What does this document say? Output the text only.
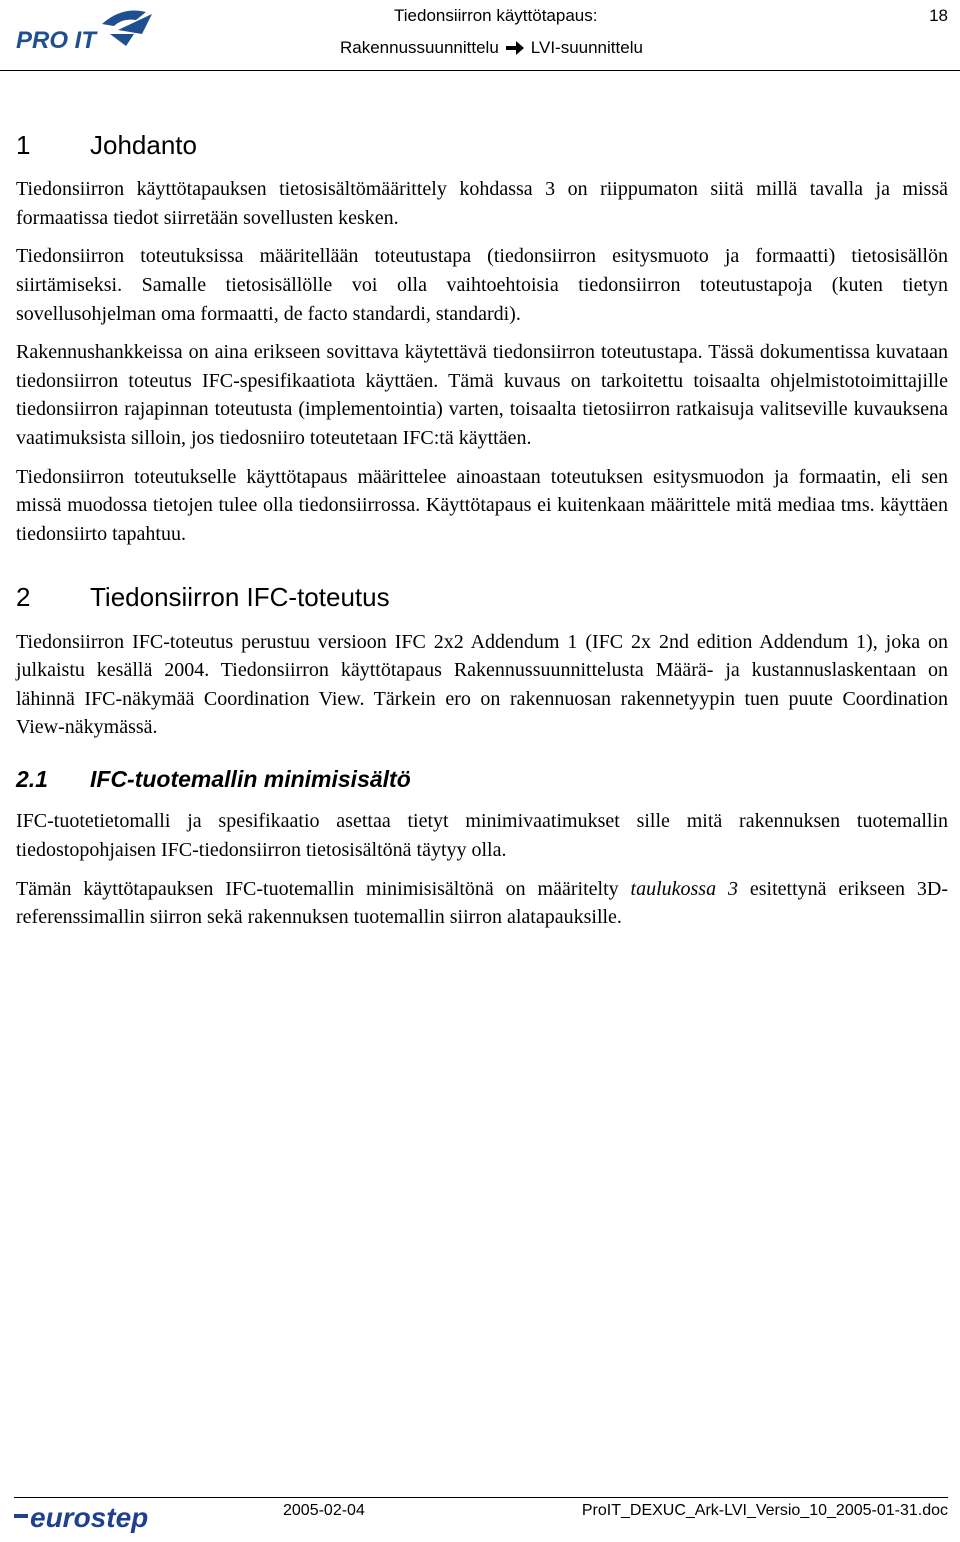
PRO IT
Tiedonsiirron käyttötapaus:	18
Rakennussuunnittelu LVI-suunnittelu
1 Johdanto

Tiedonsiirron käyttötapauksen tietosisältömäärittely kohdassa 3 on riippumaton siitä millä tavalla ja missä formaatissa tiedot siirretään sovellusten kesken.

Tiedonsiirron toteutuksissa määritellään toteutustapa (tiedonsiirron esitysmuoto ja formaatti) tietosisällön siirtämiseksi. Samalle tietosisällölle voi olla vaihtoehtoisia tiedonsiirron toteutustapoja (kuten tietyn sovellusohjelman oma formaatti, de facto standardi, standardi).

Rakennushankkeissa on aina erikseen sovittava käytettävä tiedonsiirron toteutustapa. Tässä dokumentissa kuvataan tiedonsiirron toteutus IFC-spesifikaatiota käyttäen. Tämä kuvaus on tarkoitettu toisaalta ohjelmistotoimittajille tiedonsiirron rajapinnan toteutusta (implementointia) varten, toisaalta tietosiirron ratkaisuja valitseville kuvauksena vaatimuksista silloin, jos tiedosniiro toteutetaan IFC:tä käyttäen.

Tiedonsiirron toteutukselle käyttötapaus määrittelee ainoastaan toteutuksen esitysmuodon ja formaatin, eli sen missä muodossa tietojen tulee olla tiedonsiirrossa. Käyttötapaus ei kuitenkaan määrittele mitä mediaa tms. käyttäen tiedonsiirto tapahtuu.

2 Tiedonsiirron IFC-toteutus

Tiedonsiirron IFC-toteutus perustuu versioon IFC 2x2 Addendum 1 (IFC 2x 2nd edition Addendum 1), joka on julkaistu kesällä 2004. Tiedonsiirron käyttötapaus Rakennussuunnittelusta Määrä- ja kustannuslaskentaan on lähinnä IFC-näkymää Coordination View. Tärkein ero on rakennuosan rakennetyypin tuen puute Coordination View-näkymässä.

2.1 IFC-tuotemallin minimisisältö

IFC-tuotetietomalli ja spesifikaatio asettaa tietyt minimivaatimukset sille mitä rakennuksen tuotemallin tiedostopohjaisen IFC-tiedonsiirron tietosisältönä täytyy olla.

Tämän käyttötapauksen IFC-tuotemallin minimisisältönä on määritelty taulukossa 3 esitettynä erikseen 3D-referenssimallin siirron sekä rakennuksen tuotemallin siirron alatapauksille.

eurostep	2005-02-04	ProIT_DEXUC_Ark-LVI_Versio_10_2005-01-31.doc
